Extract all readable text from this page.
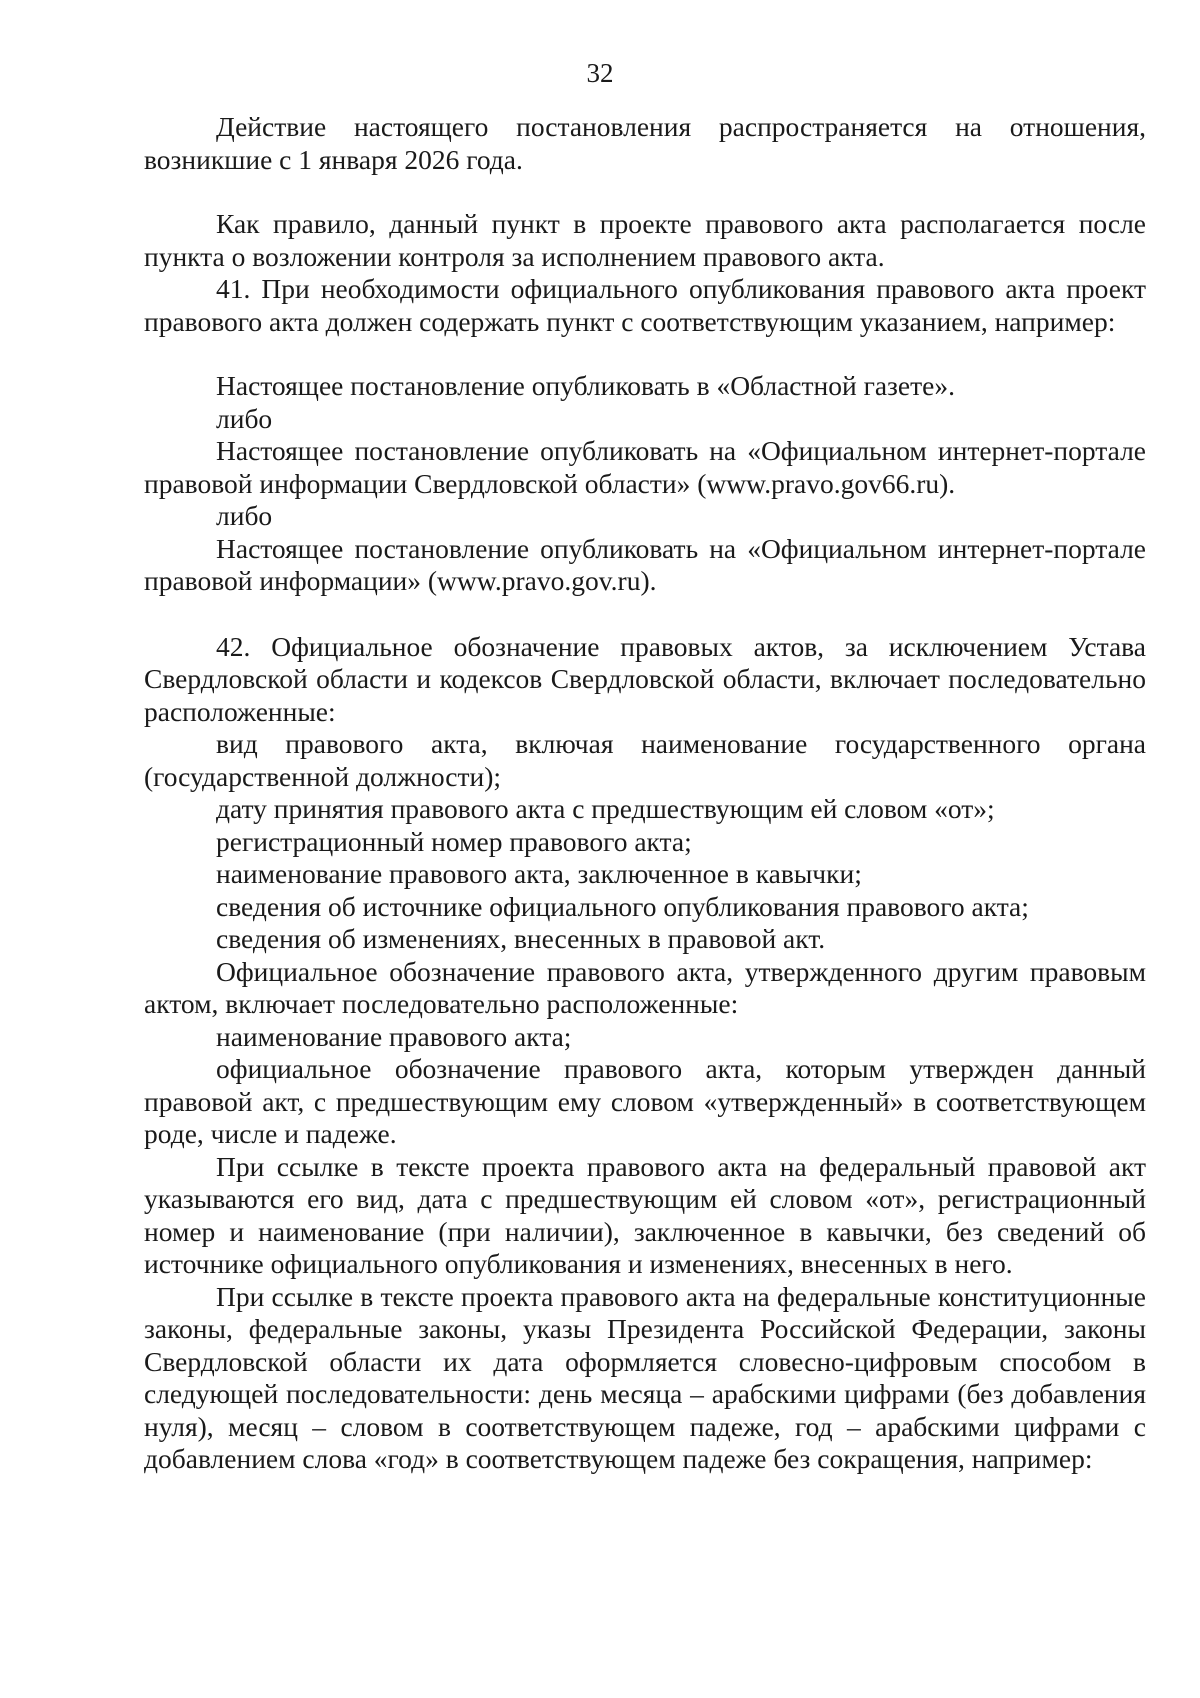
32

Действие настоящего постановления распространяется на отношения, возникшие с 1 января 2026 года.

Как правило, данный пункт в проекте правового акта располагается после пункта о возложении контроля за исполнением правового акта.

41. При необходимости официального опубликования правового акта проект правового акта должен содержать пункт с соответствующим указанием, например:

Настоящее постановление опубликовать в «Областной газете».

либо

Настоящее постановление опубликовать на «Официальном интернет-портале правовой информации Свердловской области» (www.pravo.gov66.ru).

либо

Настоящее постановление опубликовать на «Официальном интернет-портале правовой информации» (www.pravo.gov.ru).

42. Официальное обозначение правовых актов, за исключением Устава Свердловской области и кодексов Свердловской области, включает последовательно расположенные:

вид правового акта, включая наименование государственного органа (государственной должности);

дату принятия правового акта с предшествующим ей словом «от»;

регистрационный номер правового акта;

наименование правового акта, заключенное в кавычки;

сведения об источнике официального опубликования правового акта;

сведения об изменениях, внесенных в правовой акт.

Официальное обозначение правового акта, утвержденного другим правовым актом, включает последовательно расположенные:

наименование правового акта;

официальное обозначение правового акта, которым утвержден данный правовой акт, с предшествующим ему словом «утвержденный» в соответствующем роде, числе и падеже.

При ссылке в тексте проекта правового акта на федеральный правовой акт указываются его вид, дата с предшествующим ей словом «от», регистрационный номер и наименование (при наличии), заключенное в кавычки, без сведений об источнике официального опубликования и изменениях, внесенных в него.

При ссылке в тексте проекта правового акта на федеральные конституционные законы, федеральные законы, указы Президента Российской Федерации, законы Свердловской области их дата оформляется словесно-цифровым способом в следующей последовательности: день месяца – арабскими цифрами (без добавления нуля), месяц – словом в соответствующем падеже, год – арабскими цифрами с добавлением слова «год» в соответствующем падеже без сокращения, например:
